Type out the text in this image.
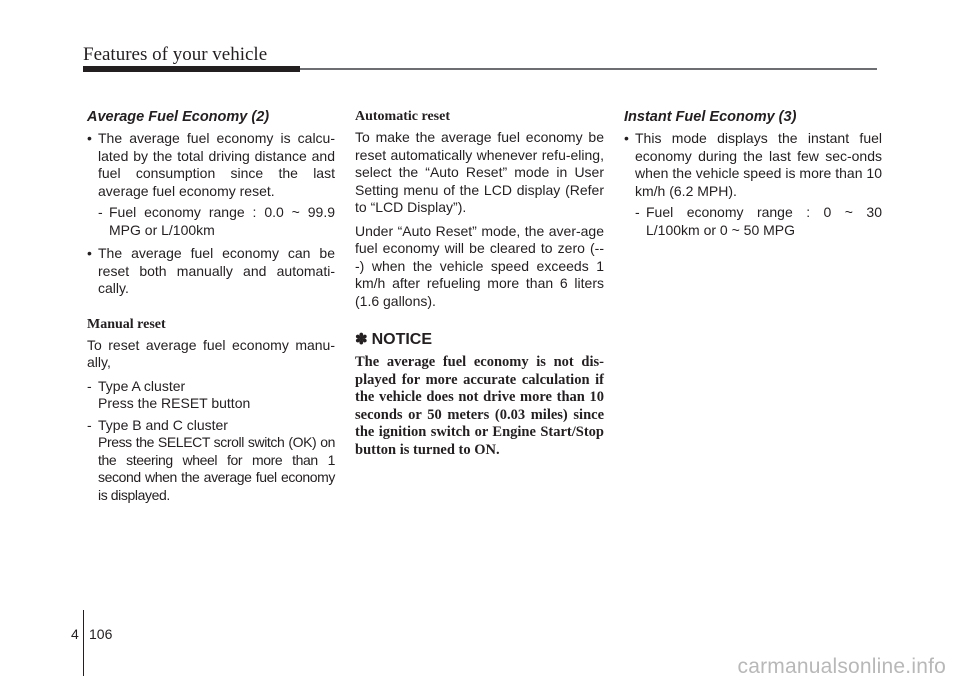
Features of your vehicle
Average Fuel Economy (2)
• The average fuel economy is calcu-lated by the total driving distance and fuel consumption since the last average fuel economy reset.
- Fuel economy range : 0.0 ~ 99.9 MPG or L/100km
• The average fuel economy can be reset both manually and automati-cally.
Manual reset
To reset average fuel economy manu-ally,
- Type A cluster
Press the RESET button
- Type B and C cluster
Press the SELECT scroll switch (OK) on the steering wheel for more than 1 second when the average fuel economy is displayed.
Automatic reset
To make the average fuel economy be reset automatically whenever refu-eling, select the “Auto Reset” mode in User Setting menu of the LCD display (Refer to “LCD Display”).
Under “Auto Reset” mode, the aver-age fuel economy will be cleared to zero (---) when the vehicle speed exceeds 1 km/h after refueling more than 6 liters (1.6 gallons).
✽ NOTICE
The average fuel economy is not dis-played for more accurate calculation if the vehicle does not drive more than 10 seconds or 50 meters (0.03 miles) since the ignition switch or Engine Start/Stop button is turned to ON.
Instant Fuel Economy (3)
• This mode displays the instant fuel economy during the last few sec-onds when the vehicle speed is more than 10 km/h (6.2 MPH).
- Fuel economy range : 0 ~ 30 L/100km or 0 ~ 50 MPG
4 106
carmanualsonline.info
